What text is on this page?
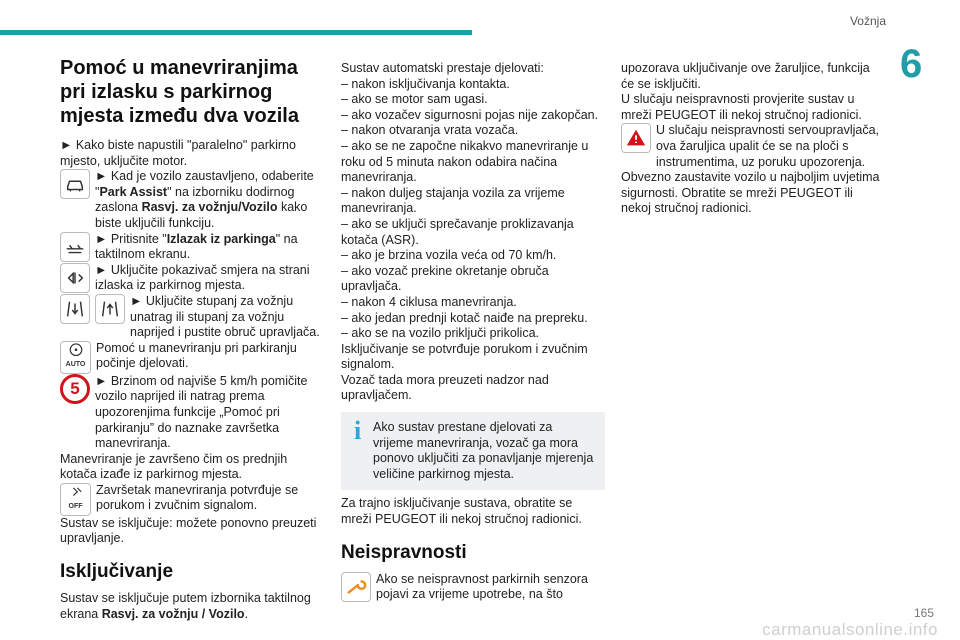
Vožnja
6
Pomoć u manevriranjima pri izlasku s parkirnog mjesta između dva vozila

► Kako biste napustili "paralelno" parkirno mjesto, uključite motor.

► Kad je vozilo zaustavljeno, odaberite "Park Assist" na izborniku dodirnog zaslona Rasvj. za vožnju/Vozilo kako biste uključili funkciju.

► Pritisnite "Izlazak iz parkinga" na taktilnom ekranu.

► Uključite pokazivač smjera na strani izlaska iz parkirnog mjesta.

► Uključite stupanj za vožnju unatrag ili stupanj za vožnju naprijed i pustite obruč upravljača.

AUTO

Pomoć u manevriranju pri parkiranju počinje djelovati.

5 ► Brzinom od najviše 5 km/h pomičite vozilo naprijed ili natrag prema upozorenjima funkcije „Pomoć pri parkiranju” do naznake završetka manevriranja.

Manevriranje je završeno čim os prednjih kotača izađe iz parkirnog mjesta.

OFF

Završetak manevriranja potvrđuje se porukom i zvučnim signalom.

Sustav se isključuje: možete ponovno preuzeti upravljanje.

Isključivanje

Sustav se isključuje putem izbornika taktilnog ekrana Rasvj. za vožnju / Vozilo.

Sustav automatski prestaje djelovati:

– nakon isključivanja kontakta.

– ako se motor sam ugasi.

– ako vozačev sigurnosni pojas nije zakopčan.

– nakon otvaranja vrata vozača.

– ako se ne započne nikakvo manevriranje u roku od 5 minuta nakon odabira načina manevriranja.

– nakon duljeg stajanja vozila za vrijeme manevriranja.

– ako se uključi sprečavanje proklizavanja kotača (ASR).

– ako je brzina vozila veća od 70 km/h.

– ako vozač prekine okretanje obruča upravljača.

– nakon 4 ciklusa manevriranja.

– ako jedan prednji kotač naiđe na prepreku.

– ako se na vozilo priključi prikolica.

Isključivanje se potvrđuje porukom i zvučnim signalom.

Vozač tada mora preuzeti nadzor nad upravljačem.

i Ako sustav prestane djelovati za vrijeme manevriranja, vozač ga mora ponovo uključiti za ponavljanje mjerenja veličine parkirnog mjesta.

Za trajno isključivanje sustava, obratite se mreži PEUGEOT ili nekoj stručnoj radionici.

Neispravnosti

Ako se neispravnost parkirnih senzora pojavi za vrijeme upotrebe, na što

upozorava uključivanje ove žaruljice, funkcija će se isključiti.

U slučaju neispravnosti provjerite sustav u mreži PEUGEOT ili nekoj stručnoj radionici.

U slučaju neispravnosti servoupravljača, ova žaruljica upalit će se na ploči s instrumentima, uz poruku upozorenja.

Obvezno zaustavite vozilo u najboljim uvjetima sigurnosti. Obratite se mreži PEUGEOT ili nekoj stručnoj radionici.

165
carmanualsonline.info
